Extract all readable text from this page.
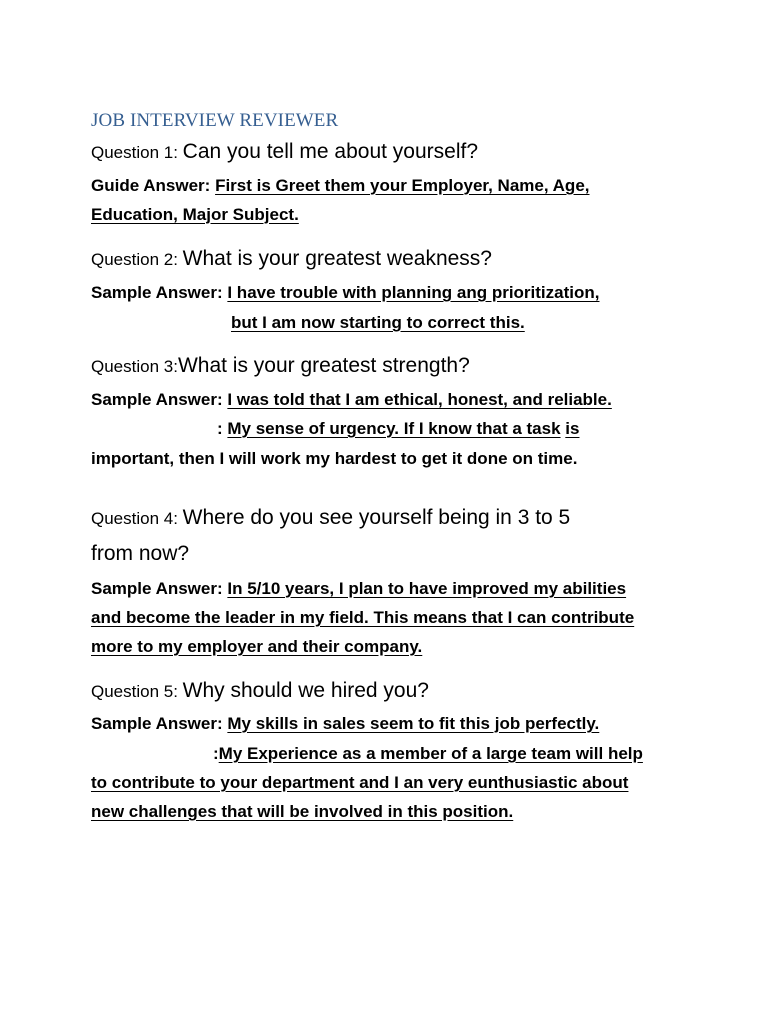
JOB INTERVIEW REVIEWER
Question 1: Can you tell me about yourself?
Guide Answer: First is Greet them your Employer, Name, Age,
Education, Major Subject.
Question 2: What is your greatest weakness?
Sample Answer: I have trouble with planning ang prioritization,
but I am now starting to correct this.
Question 3:What is your greatest strength?
Sample Answer: I was told that I am ethical, honest, and reliable.
: My sense of urgency. If I know that a task is
important, then I will work my hardest to get it done on time.
Question 4: Where do you see yourself being in 3 to 5
from now?
Sample Answer: In 5/10 years, I plan to have improved my abilities
and become the leader in my field. This means that I can contribute
more to my employer and their company.
Question 5: Why should we hired you?
Sample Answer: My skills in sales seem to fit this job perfectly.
:My Experience as a member of a large team will help
to contribute to your department and I an very eunthusiastic about
new challenges that will be involved in this position.
